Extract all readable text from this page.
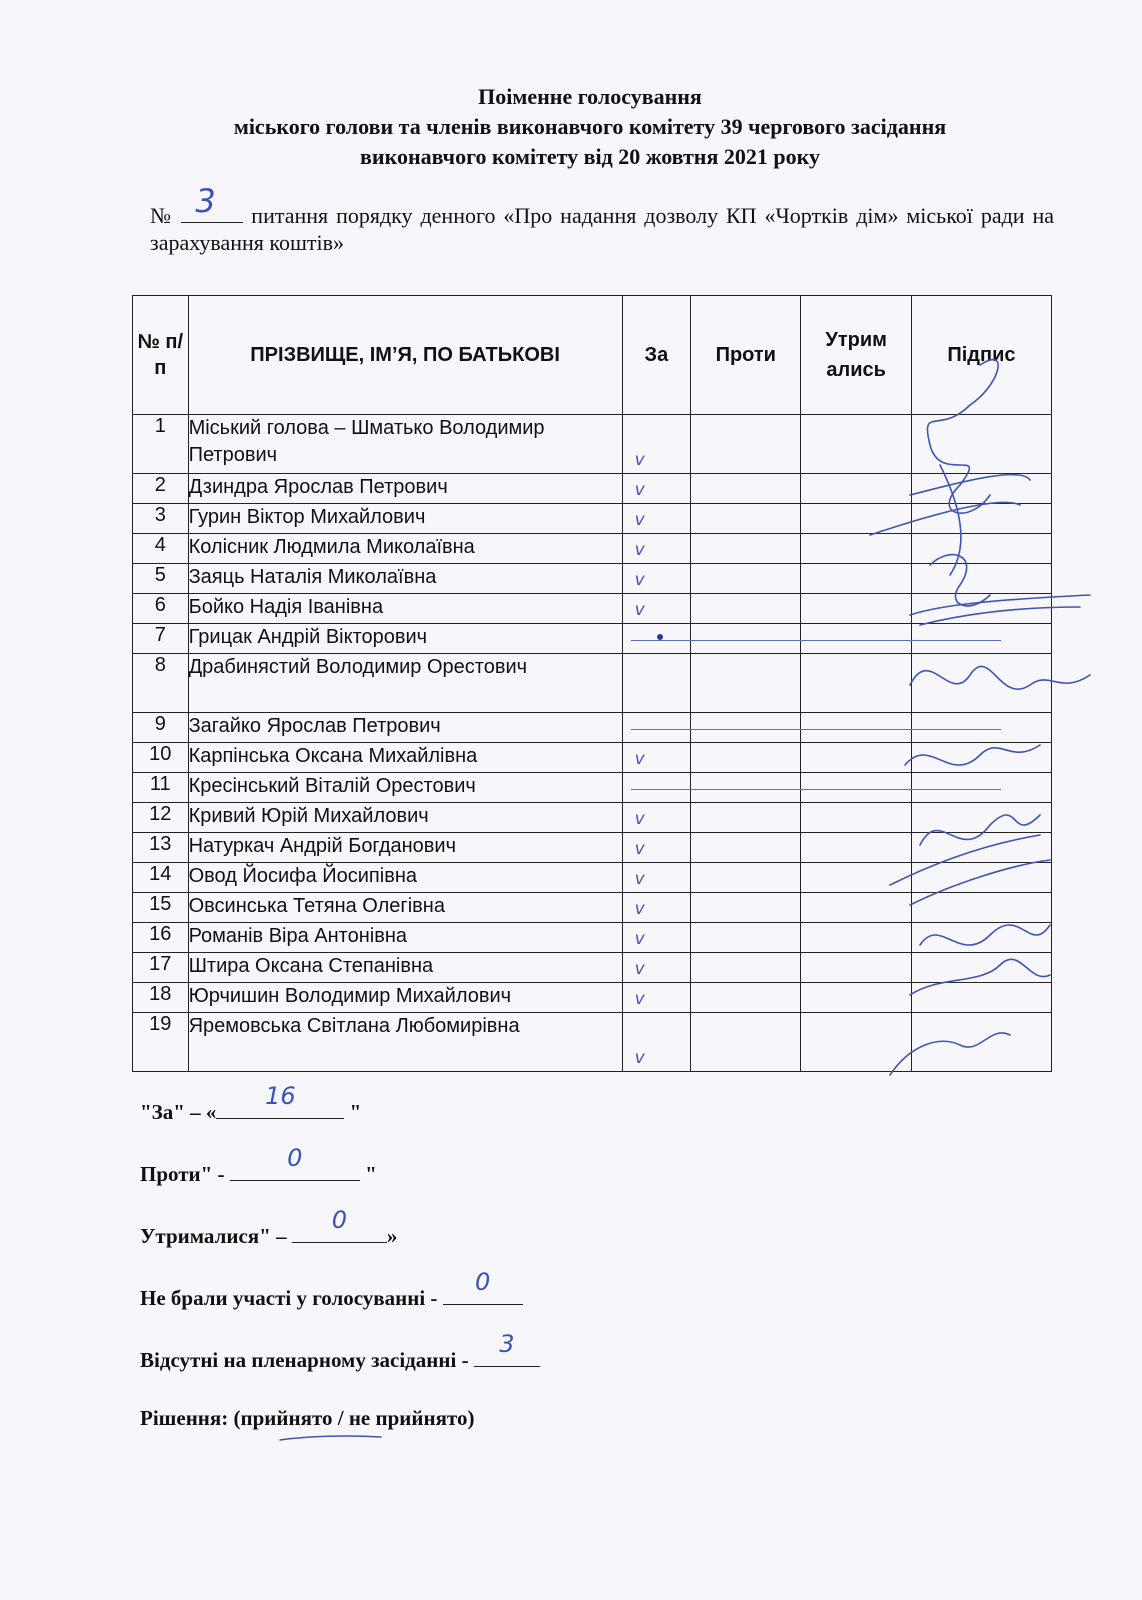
Поіменне голосування
міського голови та членів виконавчого комітету 39 чергового засідання
виконавчого комітету від 20 жовтня 2021 року
№ 3 питання порядку денного «Про надання дозволу КП «Чортків дім» міської ради на зарахування коштів»
№ п/п	ПРІЗВИЩЕ, ІМ’Я, ПО БАТЬКОВІ	За	Проти	Утрим ались	Підпис
1	Міський голова – Шматько Володимир Петрович	v			

2	Дзиндра Ярослав Петрович	v			

3	Гурин Віктор Михайлович	v			

4	Колісник Людмила Миколаївна	v			

5	Заяць Наталія Миколаївна	v			

6	Бойко Надія Іванівна	v			

7	Грицак Андрій Вікторович	

8	Драбинястий Володимир Орестович				
9	Загайко Ярослав Петрович	

10	Карпінська Оксана Михайлівна	v			

11	Кресінський Віталій Орестович	

12	Кривий Юрій Михайлович	v			

13	Натуркач Андрій Богданович	v			

14	Овод Йосифа Йосипівна	v			

15	Овсинська Тетяна Олегівна	v			

16	Романів Віра Антонівна	v			

17	Штира Оксана Степанівна	v			

18	Юрчишин Володимир Михайлович	v			

19	Яремовська Світлана Любомирівна	v			

"За" – «
16
"
Проти" -
0
"
Утрималися" –
0
»
Не брали участі у голосуванні -
0
Відсутні на пленарному засіданні -
3
Рішення: (прийнято / не прийнято)
